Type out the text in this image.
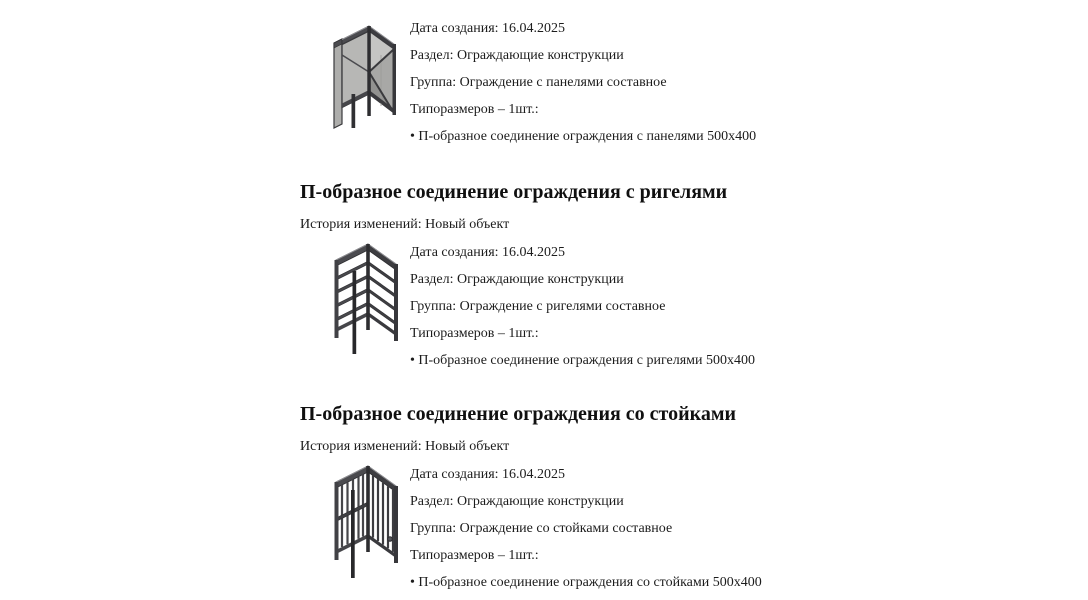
Дата создания: 16.04.2025

Раздел: Ограждающие конструкции

Группа: Ограждение с панелями составное

Типоразмеров – 1шт.:

• П-образное соединение ограждения с панелями 500x400

П-образное соединение ограждения с ригелями

История изменений: Новый объект

Дата создания: 16.04.2025

Раздел: Ограждающие конструкции

Группа: Ограждение с ригелями составное

Типоразмеров – 1шт.:

• П-образное соединение ограждения с ригелями 500x400

П-образное соединение ограждения со стойками

История изменений: Новый объект

Дата создания: 16.04.2025

Раздел: Ограждающие конструкции

Группа: Ограждение со стойками составное

Типоразмеров – 1шт.:

• П-образное соединение ограждения со стойками 500x400
